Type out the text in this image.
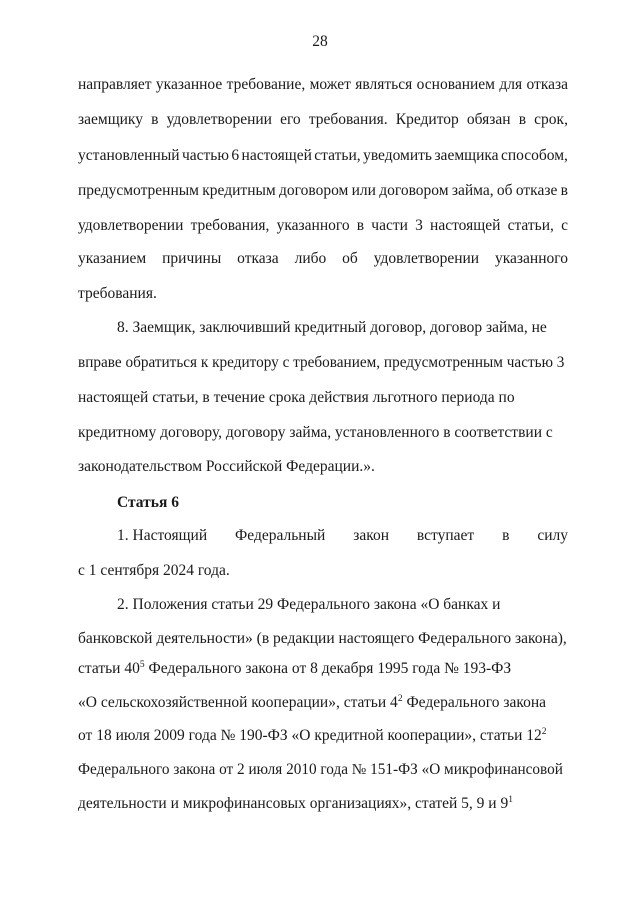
28
направляет указанное требование, может являться основанием для отказа
заемщику в удовлетворении его требования. Кредитор обязан в срок,
установленный частью 6 настоящей статьи, уведомить заемщика способом,
предусмотренным кредитным договором или договором займа, об отказе в
удовлетворении требования, указанного в части 3 настоящей статьи, с
указанием причины отказа либо об удовлетворении указанного
требования.
8. Заемщик, заключивший кредитный договор, договор займа, не
вправе обратиться к кредитору с требованием, предусмотренным частью 3
настоящей статьи, в течение срока действия льготного периода по
кредитному договору, договору займа, установленного в соответствии с
законодательством Российской Федерации.».
Статья 6
1. Настоящий Федеральный закон вступает в силу
с 1 сентября 2024 года.
2. Положения статьи 29 Федерального закона «О банках и
банковской деятельности» (в редакции настоящего Федерального закона),
статьи $40^5$ Федерального закона от 8 декабря 1995 года № 193-ФЗ
«О сельскохозяйственной кооперации», статьи $4^2$ Федерального закона
от 18 июля 2009 года № 190-ФЗ «О кредитной кооперации», статьи $12^2$
Федерального закона от 2 июля 2010 года № 151-ФЗ «О микрофинансовой
деятельности и микрофинансовых организациях», статей 5, 9 и $9^1$
